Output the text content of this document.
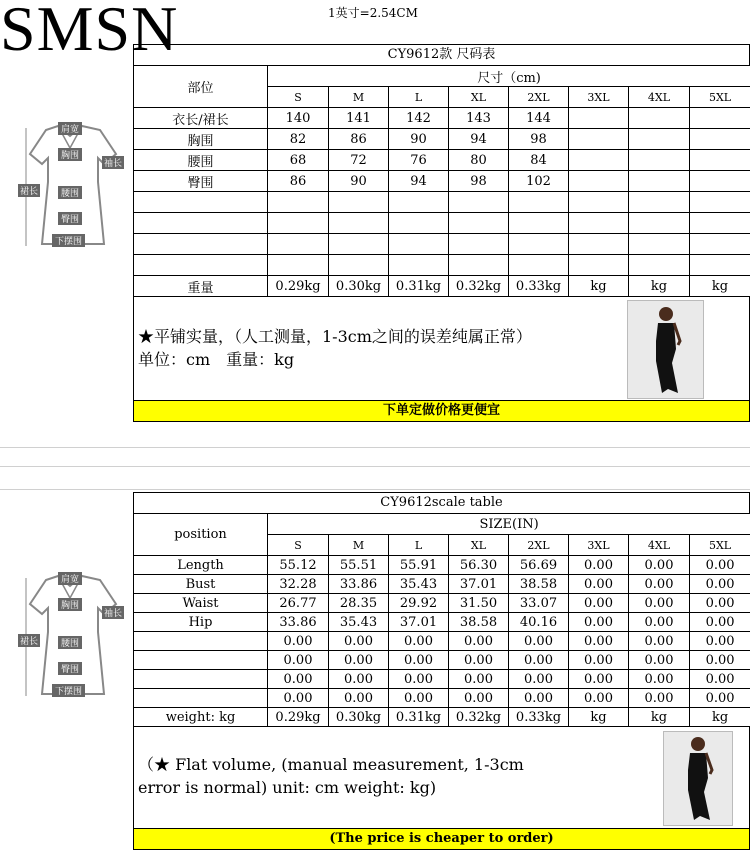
SMSN	1英寸=2.54CM
CY9612款 尺码表
部位	尺寸（cm)							
	S	M	L	XL	2XL	3XL	4XL	5XL
衣长/裙长	140	141	142	143	144			
胸围	82	86	90	94	98			
腰围	68	72	76	80	84			
臀围	86	90	94	98	102			

重量	0.29kg	0.30kg	0.31kg	0.32kg	0.33kg	kg	kg	kg

★平铺实量，（人工测量，1-3cm之间的误差纯属正常）

单位：cm　重量：kg

下单定做价格更便宜
CY9612scale table
position	SIZE(IN)							
	S	M	L	XL	2XL	3XL	4XL	5XL
Length	55.12	55.51	55.91	56.30	56.69	0.00	0.00	0.00
Bust	32.28	33.86	35.43	37.01	38.58	0.00	0.00	0.00
Waist	26.77	28.35	29.92	31.50	33.07	0.00	0.00	0.00
Hip	33.86	35.43	37.01	38.58	40.16	0.00	0.00	0.00
	0.00	0.00	0.00	0.00	0.00	0.00	0.00	0.00
	0.00	0.00	0.00	0.00	0.00	0.00	0.00	0.00
	0.00	0.00	0.00	0.00	0.00	0.00	0.00	0.00
	0.00	0.00	0.00	0.00	0.00	0.00	0.00	0.00
weight: kg	0.29kg	0.30kg	0.31kg	0.32kg	0.33kg	kg	kg	kg

（★ Flat volume, (manual measurement, 1-3cm

error is normal) unit: cm weight: kg)

(The price is cheaper to order)
肩宽
袖长
胸围
裙长	腰围
臀围
下摆围
肩宽
袖长
胸围
裙长	腰围
臀围
下摆围
